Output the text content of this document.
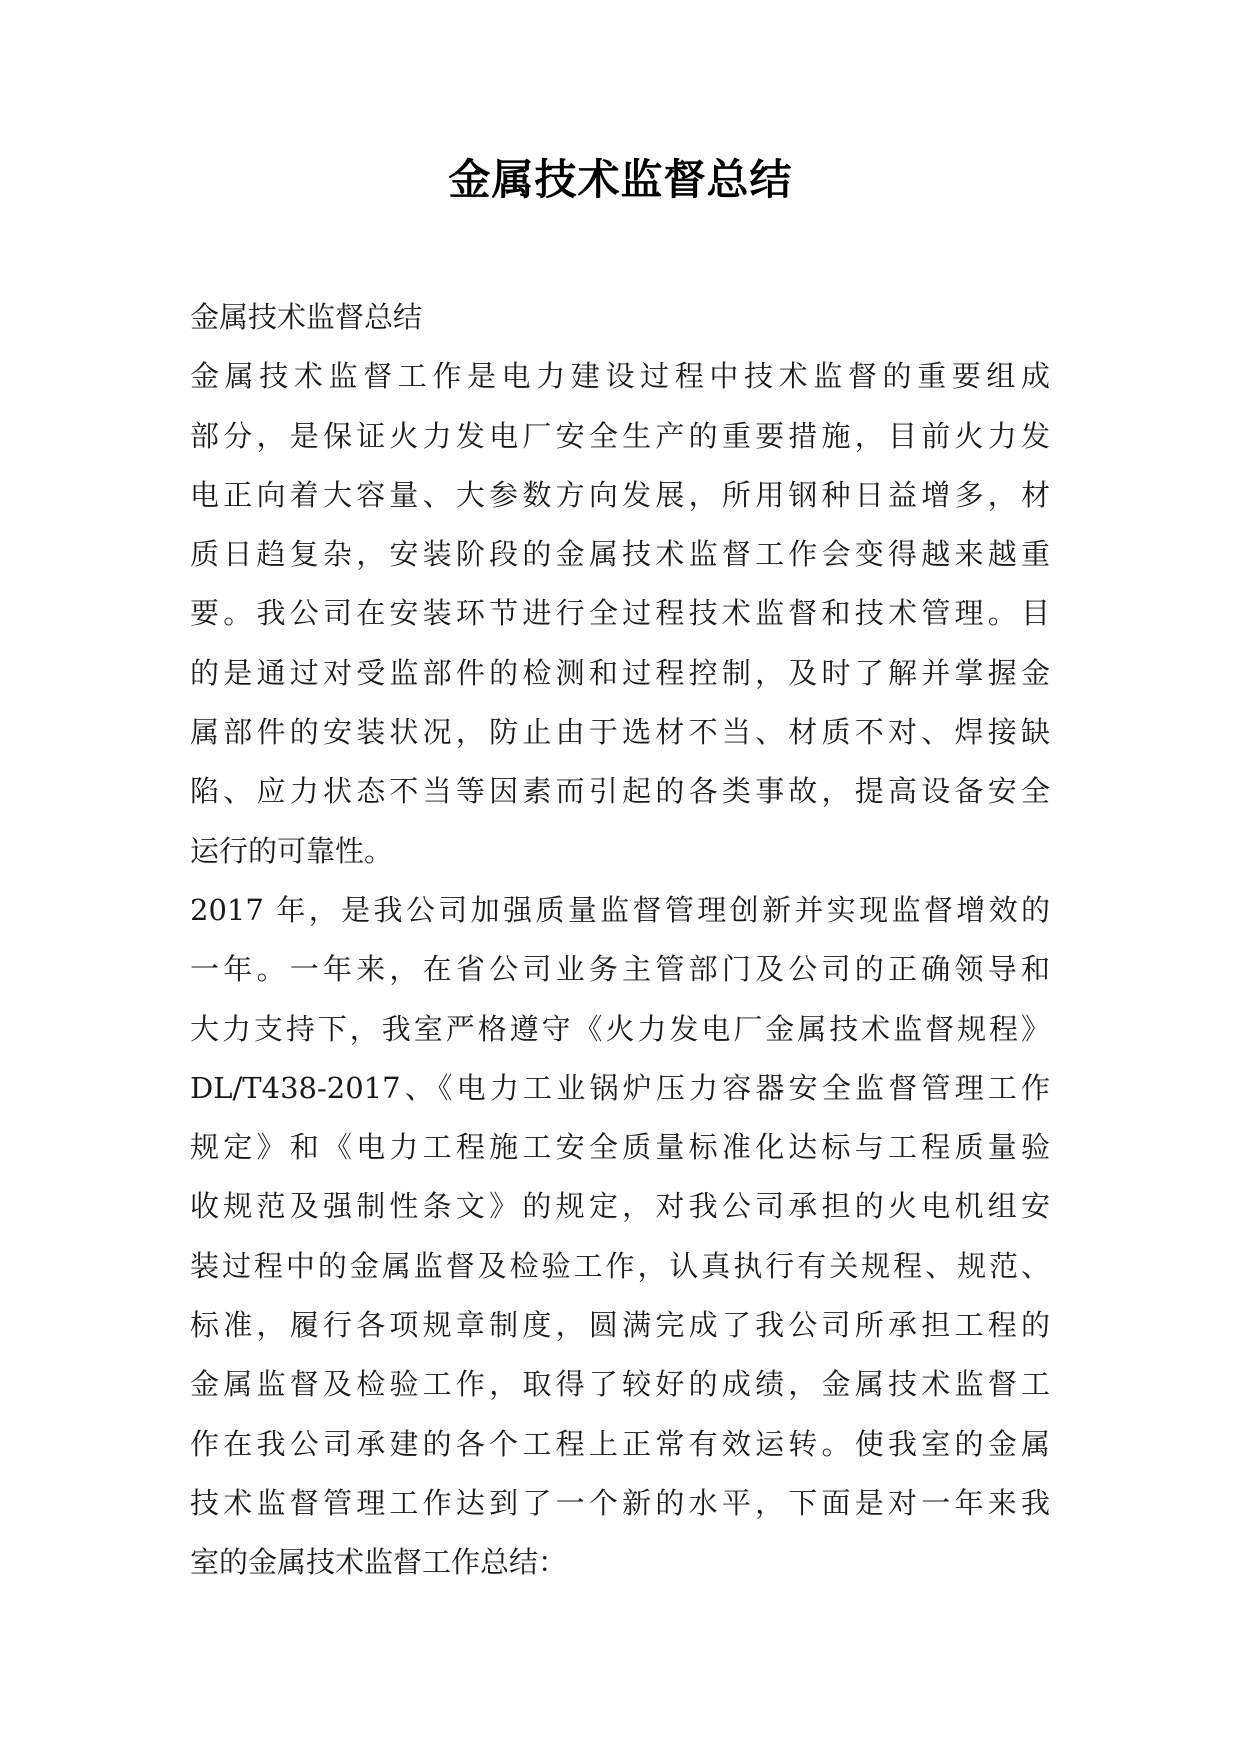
金属技术监督总结
金属技术监督总结
金属技术监督工作是电力建设过程中技术监督的重要组成
部分，是保证火力发电厂安全生产的重要措施，目前火力发
电正向着大容量、大参数方向发展，所用钢种日益增多，材
质日趋复杂，安装阶段的金属技术监督工作会变得越来越重
要。我公司在安装环节进行全过程技术监督和技术管理。目
的是通过对受监部件的检测和过程控制，及时了解并掌握金
属部件的安装状况，防止由于选材不当、材质不对、焊接缺
陷、应力状态不当等因素而引起的各类事故，提高设备安全
运行的可靠性。
2017 年，是我公司加强质量监督管理创新并实现监督增效的
一年。一年来，在省公司业务主管部门及公司的正确领导和
大力支持下，我室严格遵守《火力发电厂金属技术监督规程》
DL/T438-2017、《电力工业锅炉压力容器安全监督管理工作
规定》和《电力工程施工安全质量标准化达标与工程质量验
收规范及强制性条文》的规定，对我公司承担的火电机组安
装过程中的金属监督及检验工作，认真执行有关规程、规范、
标准，履行各项规章制度，圆满完成了我公司所承担工程的
金属监督及检验工作，取得了较好的成绩，金属技术监督工
作在我公司承建的各个工程上正常有效运转。使我室的金属
技术监督管理工作达到了一个新的水平，下面是对一年来我
室的金属技术监督工作总结：
